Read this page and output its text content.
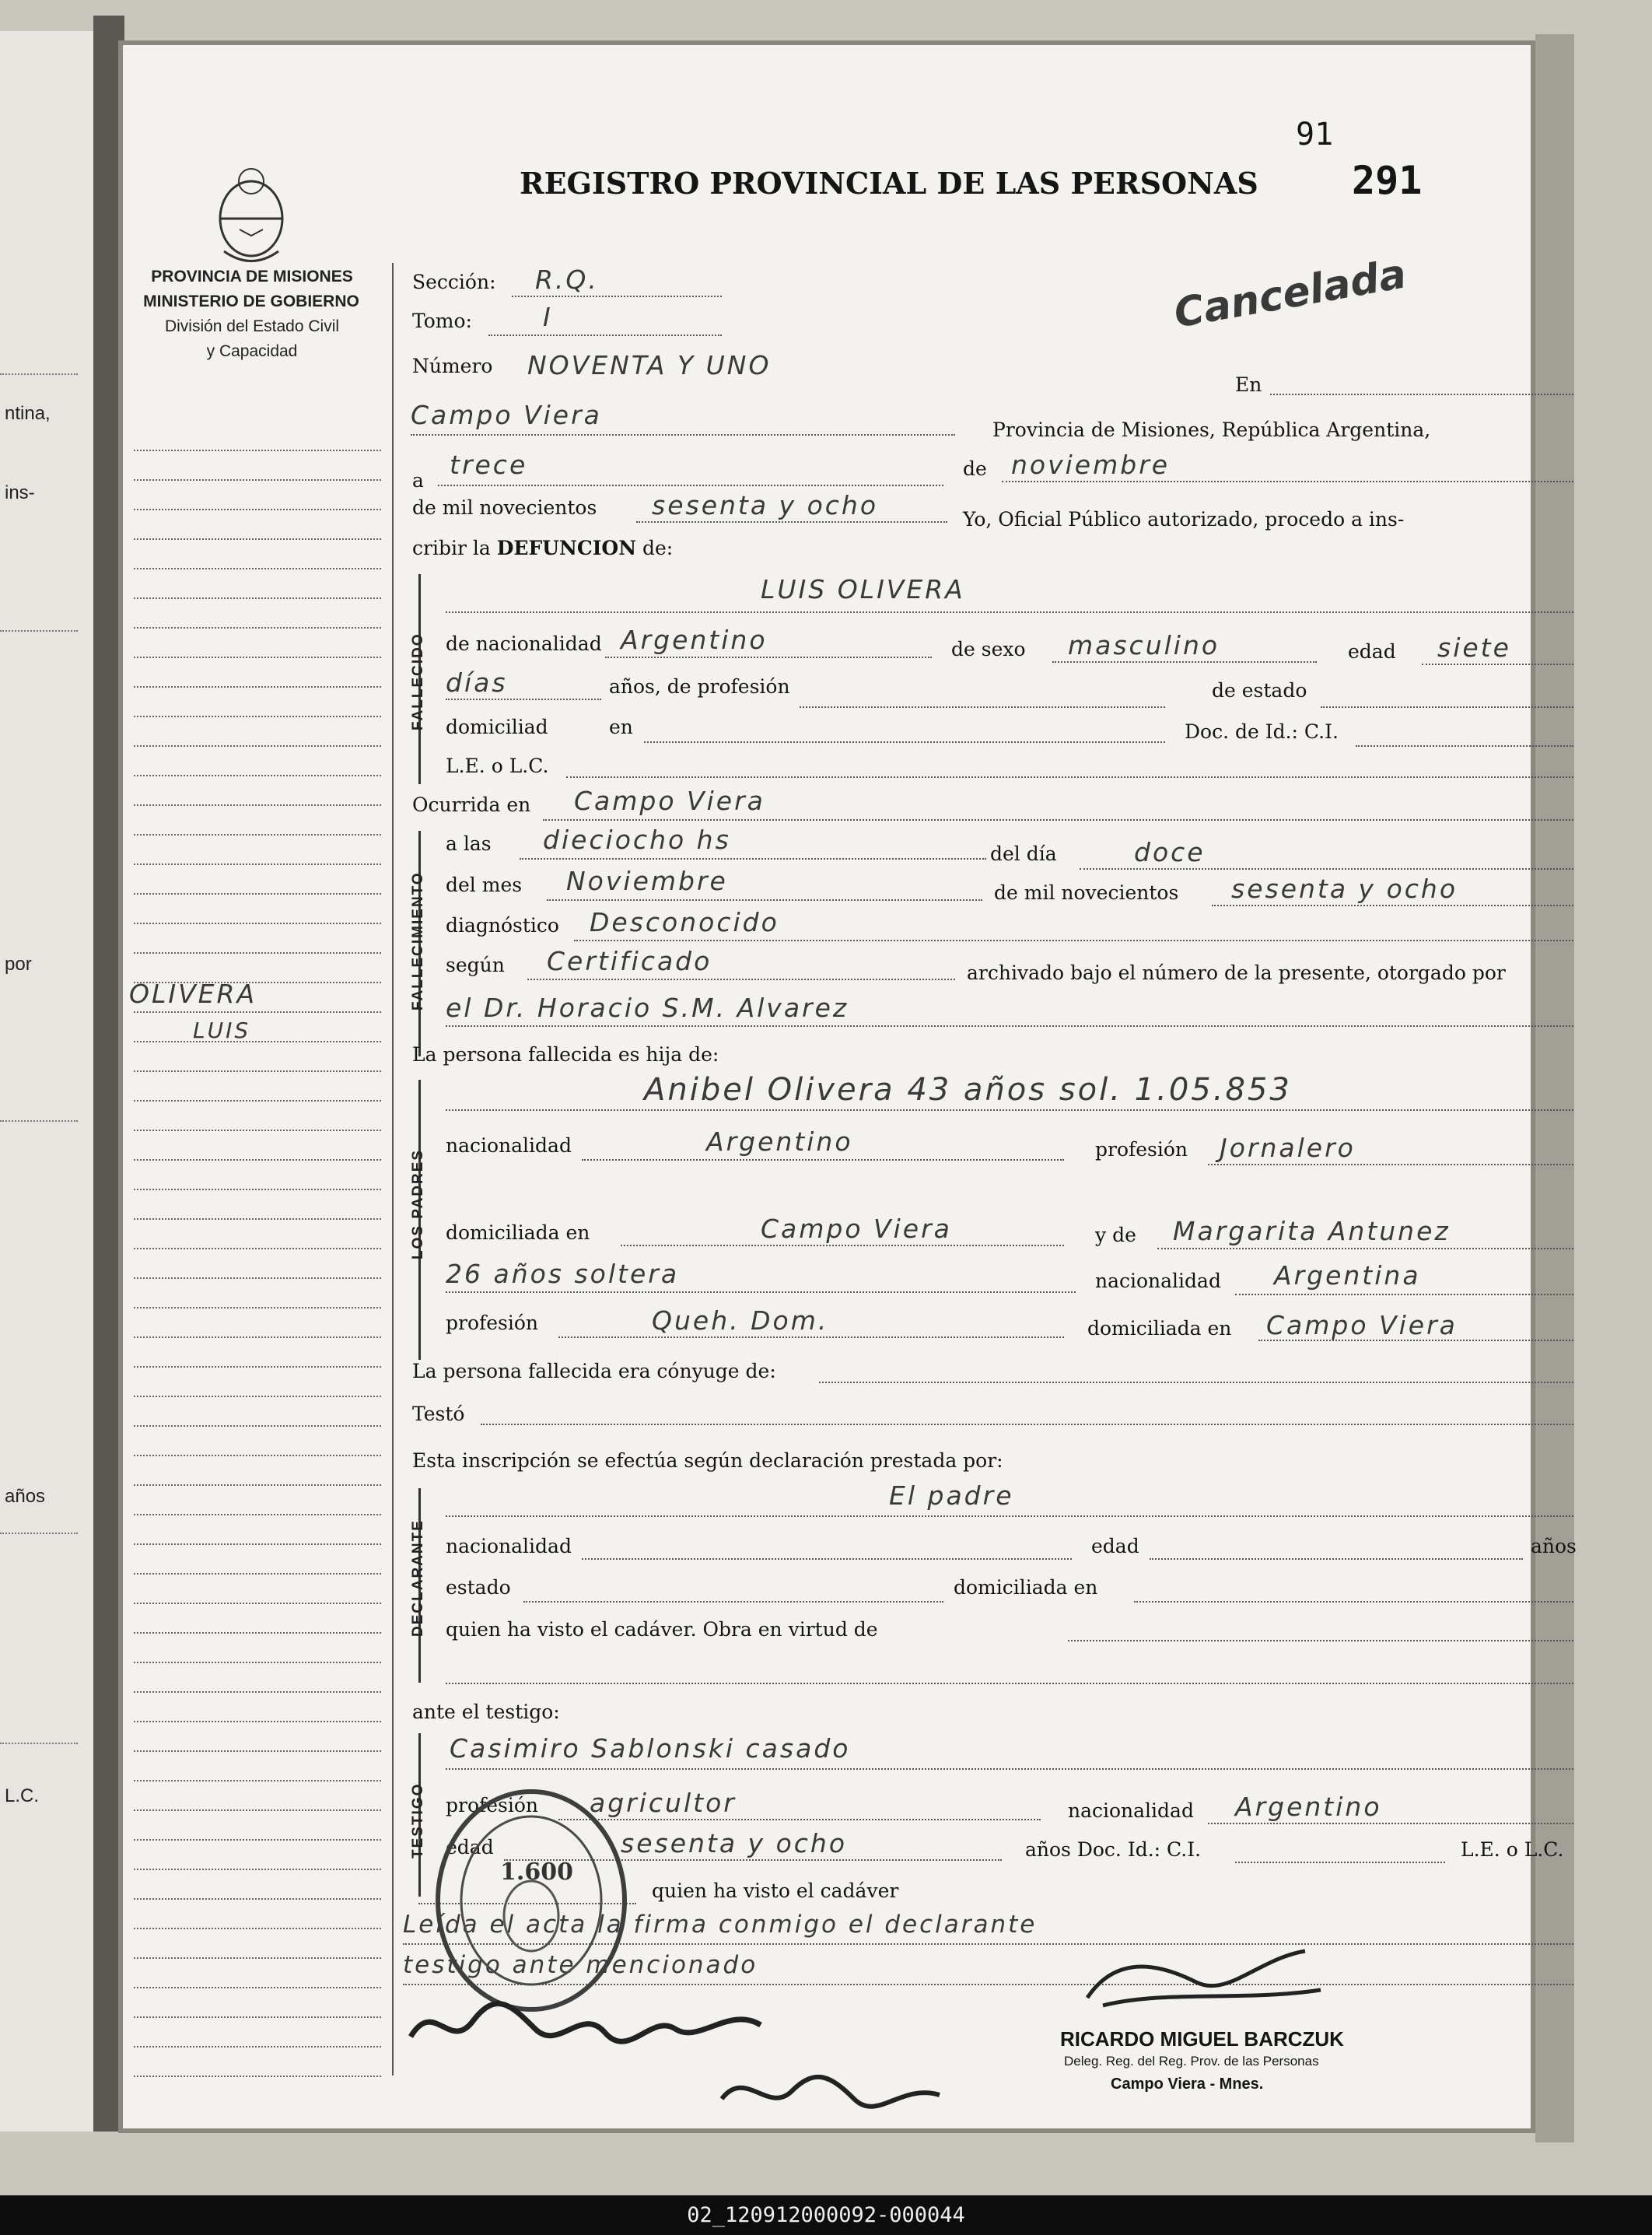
ntina,
ins-
por
años
L.C.
PROVINCIA DE MISIONES
MINISTERIO DE GOBIERNO
División del Estado Civil
y Capacidad
REGISTRO PROVINCIAL DE LAS PERSONAS
91
291
Cancelada
OLIVERA
LUIS
Sección: R.Q.
Tomo:	I
Número NOVENTA Y UNO
En
Campo Viera	Provincia de Misiones, República Argentina,
a
trece	de noviembre
de mil novecientos sesenta y ocho	Yo, Oficial Público autorizado, procedo a ins-
cribir la DEFUNCION de:
FALLECIDO
LUIS OLIVERA
de nacionalidad Argentino	de sexo masculino	edad siete
días	años, de profesión	de estado
domiciliad	en	Doc. de Id.: C.I.
L.E. o L.C.
Ocurrida en Campo Viera
FALLECIMIENTO
a las dieciocho hs	del día	doce
del mes Noviembre	de mil novecientos sesenta y ocho
diagnóstico Desconocido
según Certificado	archivado bajo el número de la presente, otorgado por
el Dr. Horacio S.M. Alvarez
La persona fallecida es hija de:
LOS PADRES
Anibel Olivera 43 años sol. 1.05.853
nacionalidad	Argentino	profesión Jornalero
domiciliada en	Campo Viera	y de Margarita Antunez
26 años soltera	nacionalidad Argentina
profesión	Queh. Dom.	domiciliada en Campo Viera
La persona fallecida era cónyuge de:
Testó
Esta inscripción se efectúa según declaración prestada por:
DECLARANTE
El padre
nacionalidad	edad	años
estado	domiciliada en
quien ha visto el cadáver. Obra en virtud de
ante el testigo:
TESTIGO
Casimiro Sablonski casado
profesión agricultor	nacionalidad Argentino
edad	sesenta y ocho	años Doc. Id.: C.I.	L.E. o L.C.
quien ha visto el cadáver
Leída el acta la firma conmigo el declarante
testigo ante mencionado
1.600
RICARDO MIGUEL BARCZUK
Deleg. Reg. del Reg. Prov. de las Personas
Campo Viera - Mnes.
02_120912000092-000044
